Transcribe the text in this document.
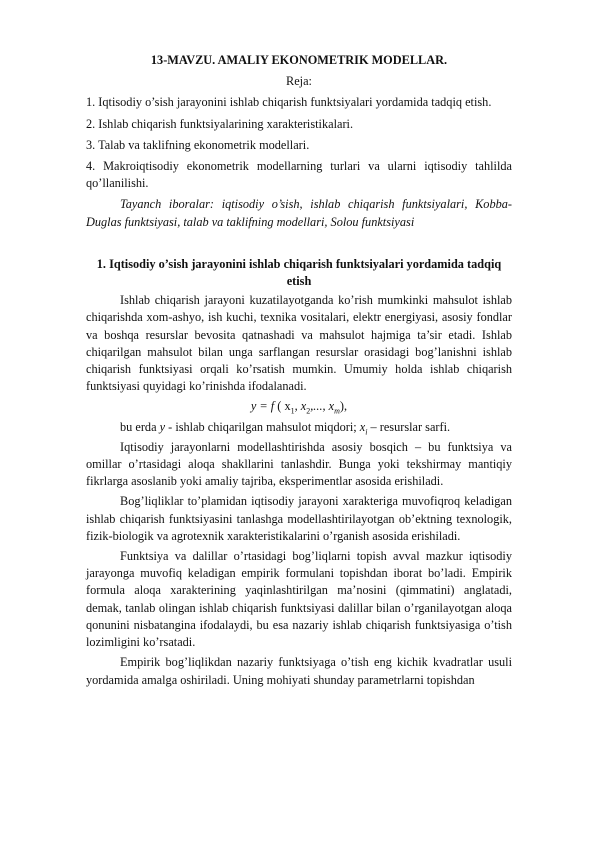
13-MAVZU. AMALIY EKONOMETRIK MODELLAR.
Reja:
1. Iqtisodiy o’sish jarayonini ishlab chiqarish funktsiyalari yordamida tadqiq etish.
2. Ishlab chiqarish funktsiyalarining xarakteristikalari.
3. Talab va taklifning ekonometrik modellari.
4. Makroiqtisodiy ekonometrik modellarning turlari va ularni iqtisodiy tahlilda qo’llanilishi.

Tayanch iboralar: iqtisodiy o’sish, ishlab chiqarish funktsiyalari, Kobba-Duglas funktsiyasi, talab va taklifning modellari, Solou funktsiyasi

1. Iqtisodiy o’sish jarayonini ishlab chiqarish funktsiyalari yordamida tadqiq etish

Ishlab chiqarish jarayoni kuzatilayotganda ko’rish mumkinki mahsulot ishlab chiqarishda xom-ashyo, ish kuchi, texnika vositalari, elektr energiyasi, asosiy fondlar va boshqa resurslar bevosita qatnashadi va mahsulot hajmiga ta’sir etadi. Ishlab chiqarilgan mahsulot bilan unga sarflangan resurslar orasidagi bog’lanishni ishlab chiqarish funktsiyasi orqali ko’rsatish mumkin. Umumiy holda ishlab chiqarish funktsiyasi quyidagi ko’rinishda ifodalanadi.

y = f ( $x_1$, $x_2$,..., $x_m$),

bu erda y - ishlab chiqarilgan mahsulot miqdori; $x_i$ – resurslar sarfi.

Iqtisodiy jarayonlarni modellashtirishda asosiy bosqich – bu funktsiya va omillar o’rtasidagi aloqa shakllarini tanlashdir. Bunga yoki tekshirmay mantiqiy fikrlarga asoslanib yoki amaliy tajriba, eksperimentlar asosida erishiladi.

Bog’liqliklar to’plamidan iqtisodiy jarayoni xarakteriga muvofiqroq keladigan ishlab chiqarish funktsiyasini tanlashga modellashtirilayotgan ob’ektning texnologik, fizik-biologik va agrotexnik xarakteristikalarini o’rganish asosida erishiladi.

Funktsiya va dalillar o’rtasidagi bog’liqlarni topish avval mazkur iqtisodiy jarayonga muvofiq keladigan empirik formulani topishdan iborat bo’ladi. Empirik formula aloqa xarakterining yaqinlashtirilgan ma’nosini (qimmatini) anglatadi, demak, tanlab olingan ishlab chiqarish funktsiyasi dalillar bilan o’rganilayotgan aloqa qonunini nisbatangina ifodalaydi, bu esa nazariy ishlab chiqarish funktsiyasiga o’tish lozimligini ko’rsatadi.

Empirik bog’liqlikdan nazariy funktsiyaga o’tish eng kichik kvadratlar usuli yordamida amalga oshiriladi. Uning mohiyati shunday parametrlarni topishdan
